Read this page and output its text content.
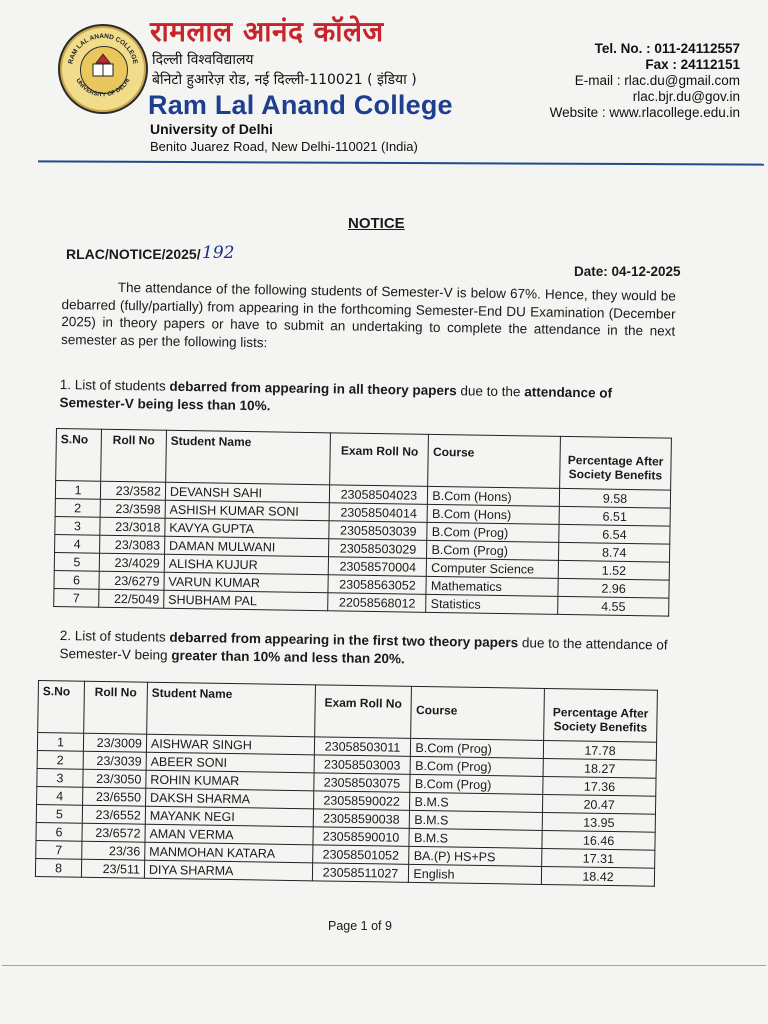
RAM LAL ANAND COLLEGE
UNIVERSITY OF DELHI
रामलाल आनंद कॉलेज
दिल्ली विश्वविद्यालय
बेनिटो हुआरेज़ रोड, नई दिल्ली-110021 ( इंडिया )
Ram Lal Anand College
University of Delhi
Benito Juarez Road, New Delhi-110021 (India)
Tel. No. : 011-24112557
Fax : 24112151
E-mail : rlac.du@gmail.com
rlac.bjr.du@gov.in
Website : www.rlacollege.edu.in
NOTICE
RLAC/NOTICE/2025/ 192
Date: 04-12-2025
The attendance of the following students of Semester-V is below 67%. Hence, they would be debarred (fully/partially) from appearing in the forthcoming Semester-End DU Examination (December 2025) in theory papers or have to submit an undertaking to complete the attendance in the next semester as per the following lists:
1. List of students debarred from appearing in all theory papers due to the attendance of Semester-V being less than 10%.
S.No	Roll No	Student Name	Exam Roll No	Course	Percentage After Society Benefits
1	23/3582	DEVANSH SAHI	23058504023	B.Com (Hons)	9.58
2	23/3598	ASHISH KUMAR SONI	23058504014	B.Com (Hons)	6.51
3	23/3018	KAVYA GUPTA	23058503039	B.Com (Prog)	6.54
4	23/3083	DAMAN MULWANI	23058503029	B.Com (Prog)	8.74
5	23/4029	ALISHA KUJUR	23058570004	Computer Science	1.52
6	23/6279	VARUN KUMAR	23058563052	Mathematics	2.96
7	22/5049	SHUBHAM PAL	22058568012	Statistics	4.55
2. List of students debarred from appearing in the first two theory papers due to the attendance of Semester-V being greater than 10% and less than 20%.
S.No	Roll No	Student Name	Exam Roll No	Course	Percentage After Society Benefits
1	23/3009	AISHWAR SINGH	23058503011	B.Com (Prog)	17.78
2	23/3039	ABEER SONI	23058503003	B.Com (Prog)	18.27
3	23/3050	ROHIN KUMAR	23058503075	B.Com (Prog)	17.36
4	23/6550	DAKSH SHARMA	23058590022	B.M.S	20.47
5	23/6552	MAYANK NEGI	23058590038	B.M.S	13.95
6	23/6572	AMAN VERMA	23058590010	B.M.S	16.46
7	23/36	MANMOHAN KATARA	23058501052	BA.(P) HS+PS	17.31
8	23/511	DIYA SHARMA	23058511027	English	18.42
Page 1 of 9
